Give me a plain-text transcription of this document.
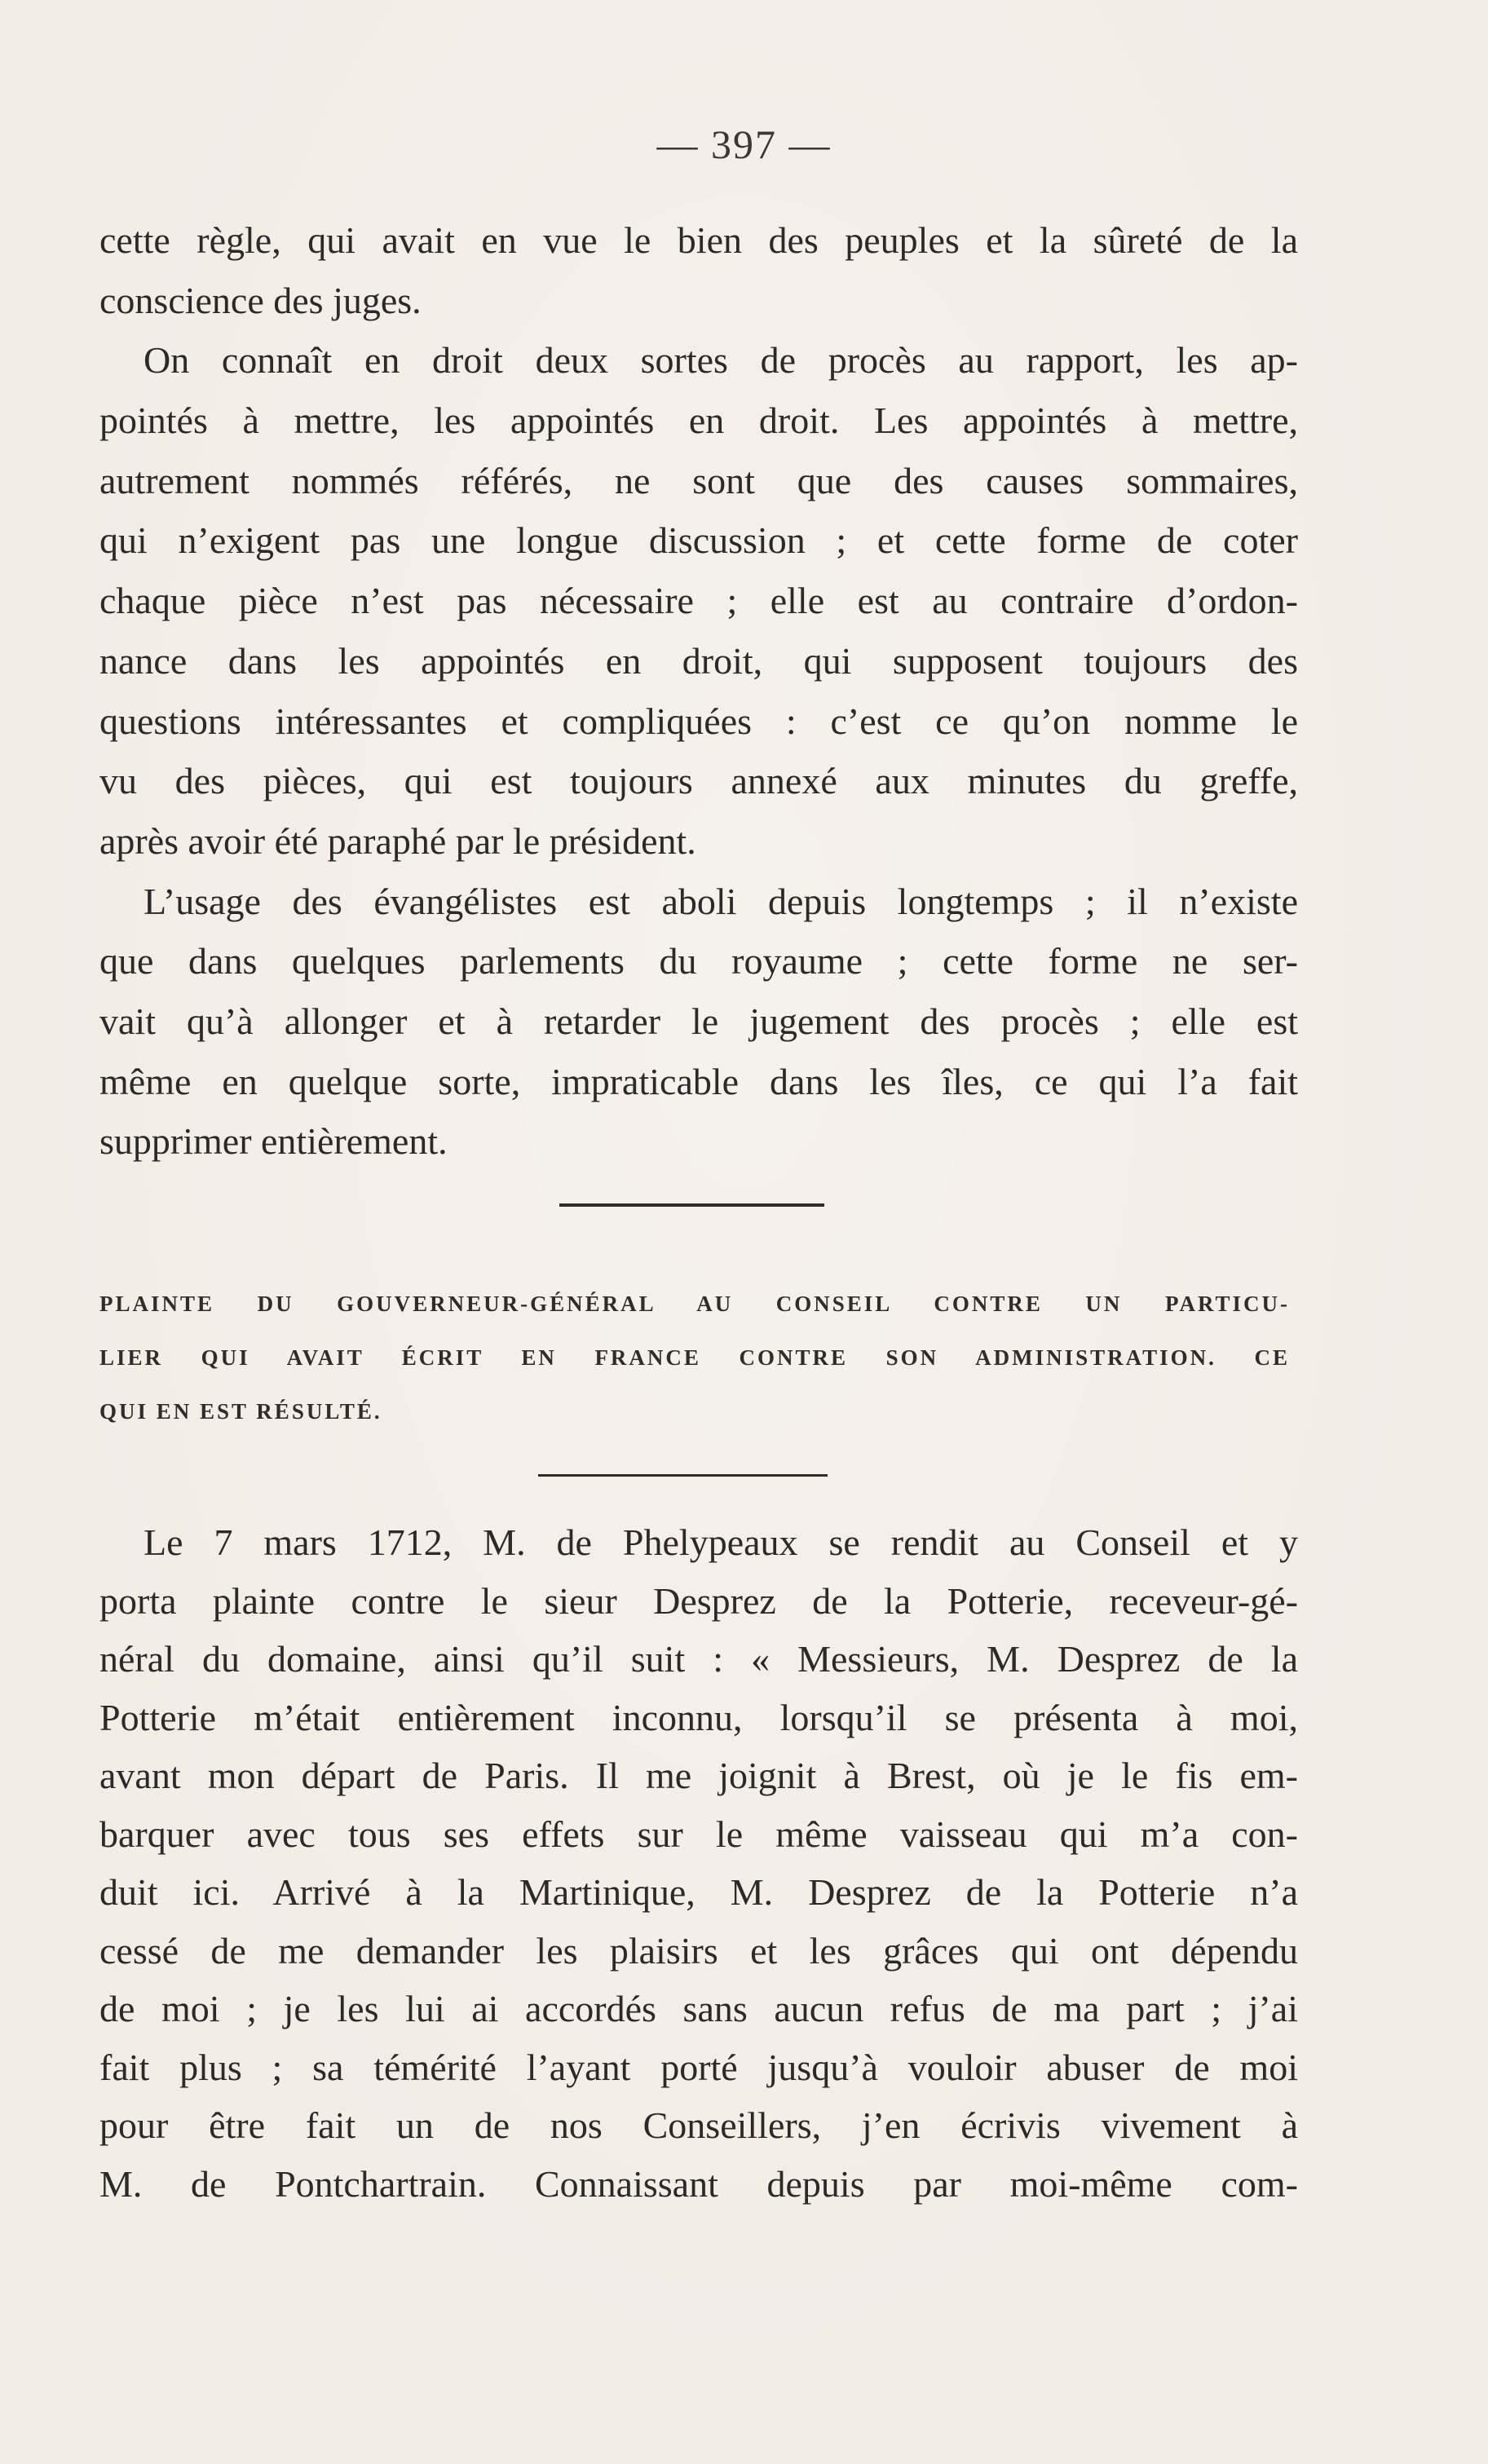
— 397 —
cette règle, qui avait en vue le bien des peuples et la sûreté de la
conscience des juges.
On connaît en droit deux sortes de procès au rapport, les ap-
pointés à mettre, les appointés en droit. Les appointés à mettre,
autrement nommés référés, ne sont que des causes sommaires,
qui n’exigent pas une longue discussion ; et cette forme de coter
chaque pièce n’est pas nécessaire ; elle est au contraire d’ordon-
nance dans les appointés en droit, qui supposent toujours des
questions intéressantes et compliquées : c’est ce qu’on nomme le
vu des pièces, qui est toujours annexé aux minutes du greffe,
après avoir été paraphé par le président.
L’usage des évangélistes est aboli depuis longtemps ; il n’existe
que dans quelques parlements du royaume ; cette forme ne ser-
vait qu’à allonger et à retarder le jugement des procès ; elle est
même en quelque sorte, impraticable dans les îles, ce qui l’a fait
supprimer entièrement.
PLAINTE DU GOUVERNEUR-GÉNÉRAL AU CONSEIL CONTRE UN PARTICU-
LIER QUI AVAIT ÉCRIT EN FRANCE CONTRE SON ADMINISTRATION. CE
QUI EN EST RÉSULTÉ.
Le 7 mars 1712, M. de Phelypeaux se rendit au Conseil et y
porta plainte contre le sieur Desprez de la Potterie, receveur-gé-
néral du domaine, ainsi qu’il suit : « Messieurs, M. Desprez de la
Potterie m’était entièrement inconnu, lorsqu’il se présenta à moi,
avant mon départ de Paris. Il me joignit à Brest, où je le fis em-
barquer avec tous ses effets sur le même vaisseau qui m’a con-
duit ici. Arrivé à la Martinique, M. Desprez de la Potterie n’a
cessé de me demander les plaisirs et les grâces qui ont dépendu
de moi ; je les lui ai accordés sans aucun refus de ma part ; j’ai
fait plus ; sa témérité l’ayant porté jusqu’à vouloir abuser de moi
pour être fait un de nos Conseillers, j’en écrivis vivement à
M. de Pontchartrain. Connaissant depuis par moi-même com-
